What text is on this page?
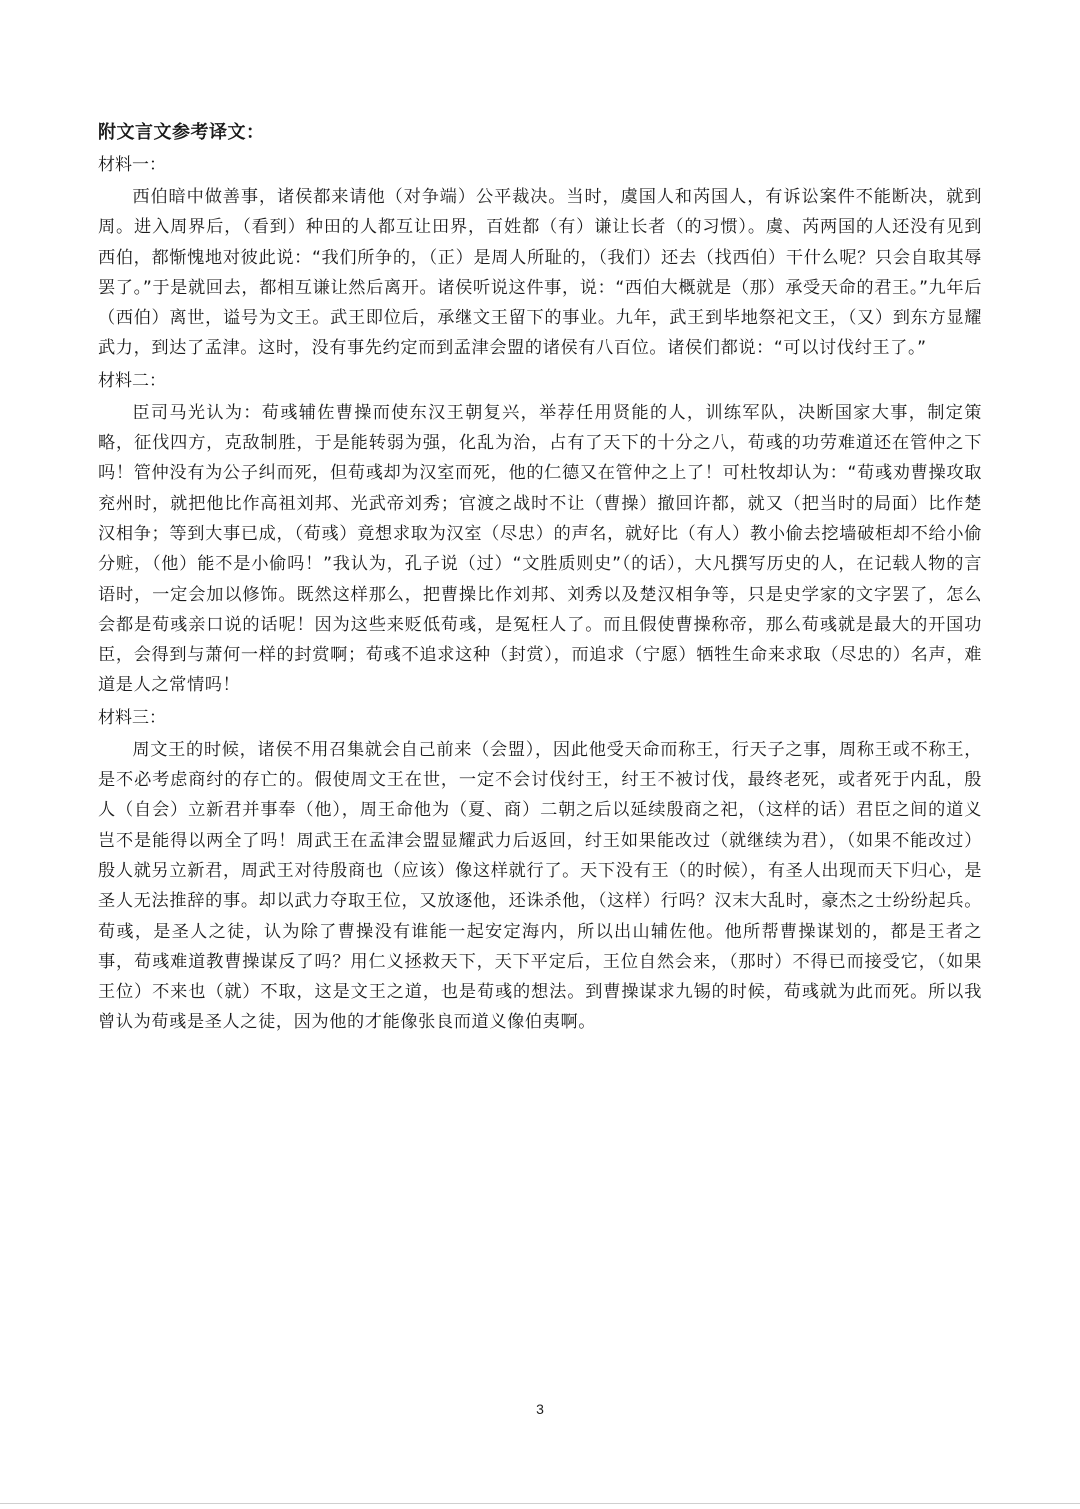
附文言文参考译文：
材料一：

西伯暗中做善事，诸侯都来请他（对争端）公平裁决。当时，虞国人和芮国人，有诉讼案件不能断决，就到周。进入周界后，（看到）种田的人都互让田界，百姓都（有）谦让长者（的习惯）。虞、芮两国的人还没有见到西伯，都惭愧地对彼此说：“我们所争的，（正）是周人所耻的，（我们）还去（找西伯）干什么呢？只会自取其辱罢了。”于是就回去，都相互谦让然后离开。诸侯听说这件事，说：“西伯大概就是（那）承受天命的君王。”九年后（西伯）离世，谥号为文王。武王即位后，承继文王留下的事业。九年，武王到毕地祭祀文王，（又）到东方显耀武力，到达了孟津。这时，没有事先约定而到孟津会盟的诸侯有八百位。诸侯们都说：“可以讨伐纣王了。”

材料二：

臣司马光认为：荀彧辅佐曹操而使东汉王朝复兴，举荐任用贤能的人，训练军队，决断国家大事，制定策略，征伐四方，克敌制胜，于是能转弱为强，化乱为治，占有了天下的十分之八，荀彧的功劳难道还在管仲之下吗！管仲没有为公子纠而死，但荀彧却为汉室而死，他的仁德又在管仲之上了！可杜牧却认为：“荀彧劝曹操攻取兖州时，就把他比作高祖刘邦、光武帝刘秀；官渡之战时不让（曹操）撤回许都，就又（把当时的局面）比作楚汉相争；等到大事已成，（荀彧）竟想求取为汉室（尽忠）的声名，就好比（有人）教小偷去挖墙破柜却不给小偷分赃，（他）能不是小偷吗！”我认为，孔子说（过）“文胜质则史”（的话），大凡撰写历史的人，在记载人物的言语时，一定会加以修饰。既然这样那么，把曹操比作刘邦、刘秀以及楚汉相争等，只是史学家的文字罢了，怎么会都是荀彧亲口说的话呢！因为这些来贬低荀彧，是冤枉人了。而且假使曹操称帝，那么荀彧就是最大的开国功臣，会得到与萧何一样的封赏啊；荀彧不追求这种（封赏），而追求（宁愿）牺牲生命来求取（尽忠的）名声，难道是人之常情吗！

材料三：

周文王的时候，诸侯不用召集就会自己前来（会盟），因此他受天命而称王，行天子之事，周称王或不称王，是不必考虑商纣的存亡的。假使周文王在世，一定不会讨伐纣王，纣王不被讨伐，最终老死，或者死于内乱，殷人（自会）立新君并事奉（他），周王命他为（夏、商）二朝之后以延续殷商之祀，（这样的话）君臣之间的道义岂不是能得以两全了吗！周武王在孟津会盟显耀武力后返回，纣王如果能改过（就继续为君），（如果不能改过）殷人就另立新君，周武王对待殷商也（应该）像这样就行了。天下没有王（的时候），有圣人出现而天下归心，是圣人无法推辞的事。却以武力夺取王位，又放逐他，还诛杀他，（这样）行吗？汉末大乱时，豪杰之士纷纷起兵。荀彧，是圣人之徒，认为除了曹操没有谁能一起安定海内，所以出山辅佐他。他所帮曹操谋划的，都是王者之事，荀彧难道教曹操谋反了吗？用仁义拯救天下，天下平定后，王位自然会来，（那时）不得已而接受它，（如果王位）不来也（就）不取，这是文王之道，也是荀彧的想法。到曹操谋求九锡的时候，荀彧就为此而死。所以我曾认为荀彧是圣人之徒，因为他的才能像张良而道义像伯夷啊。

3
